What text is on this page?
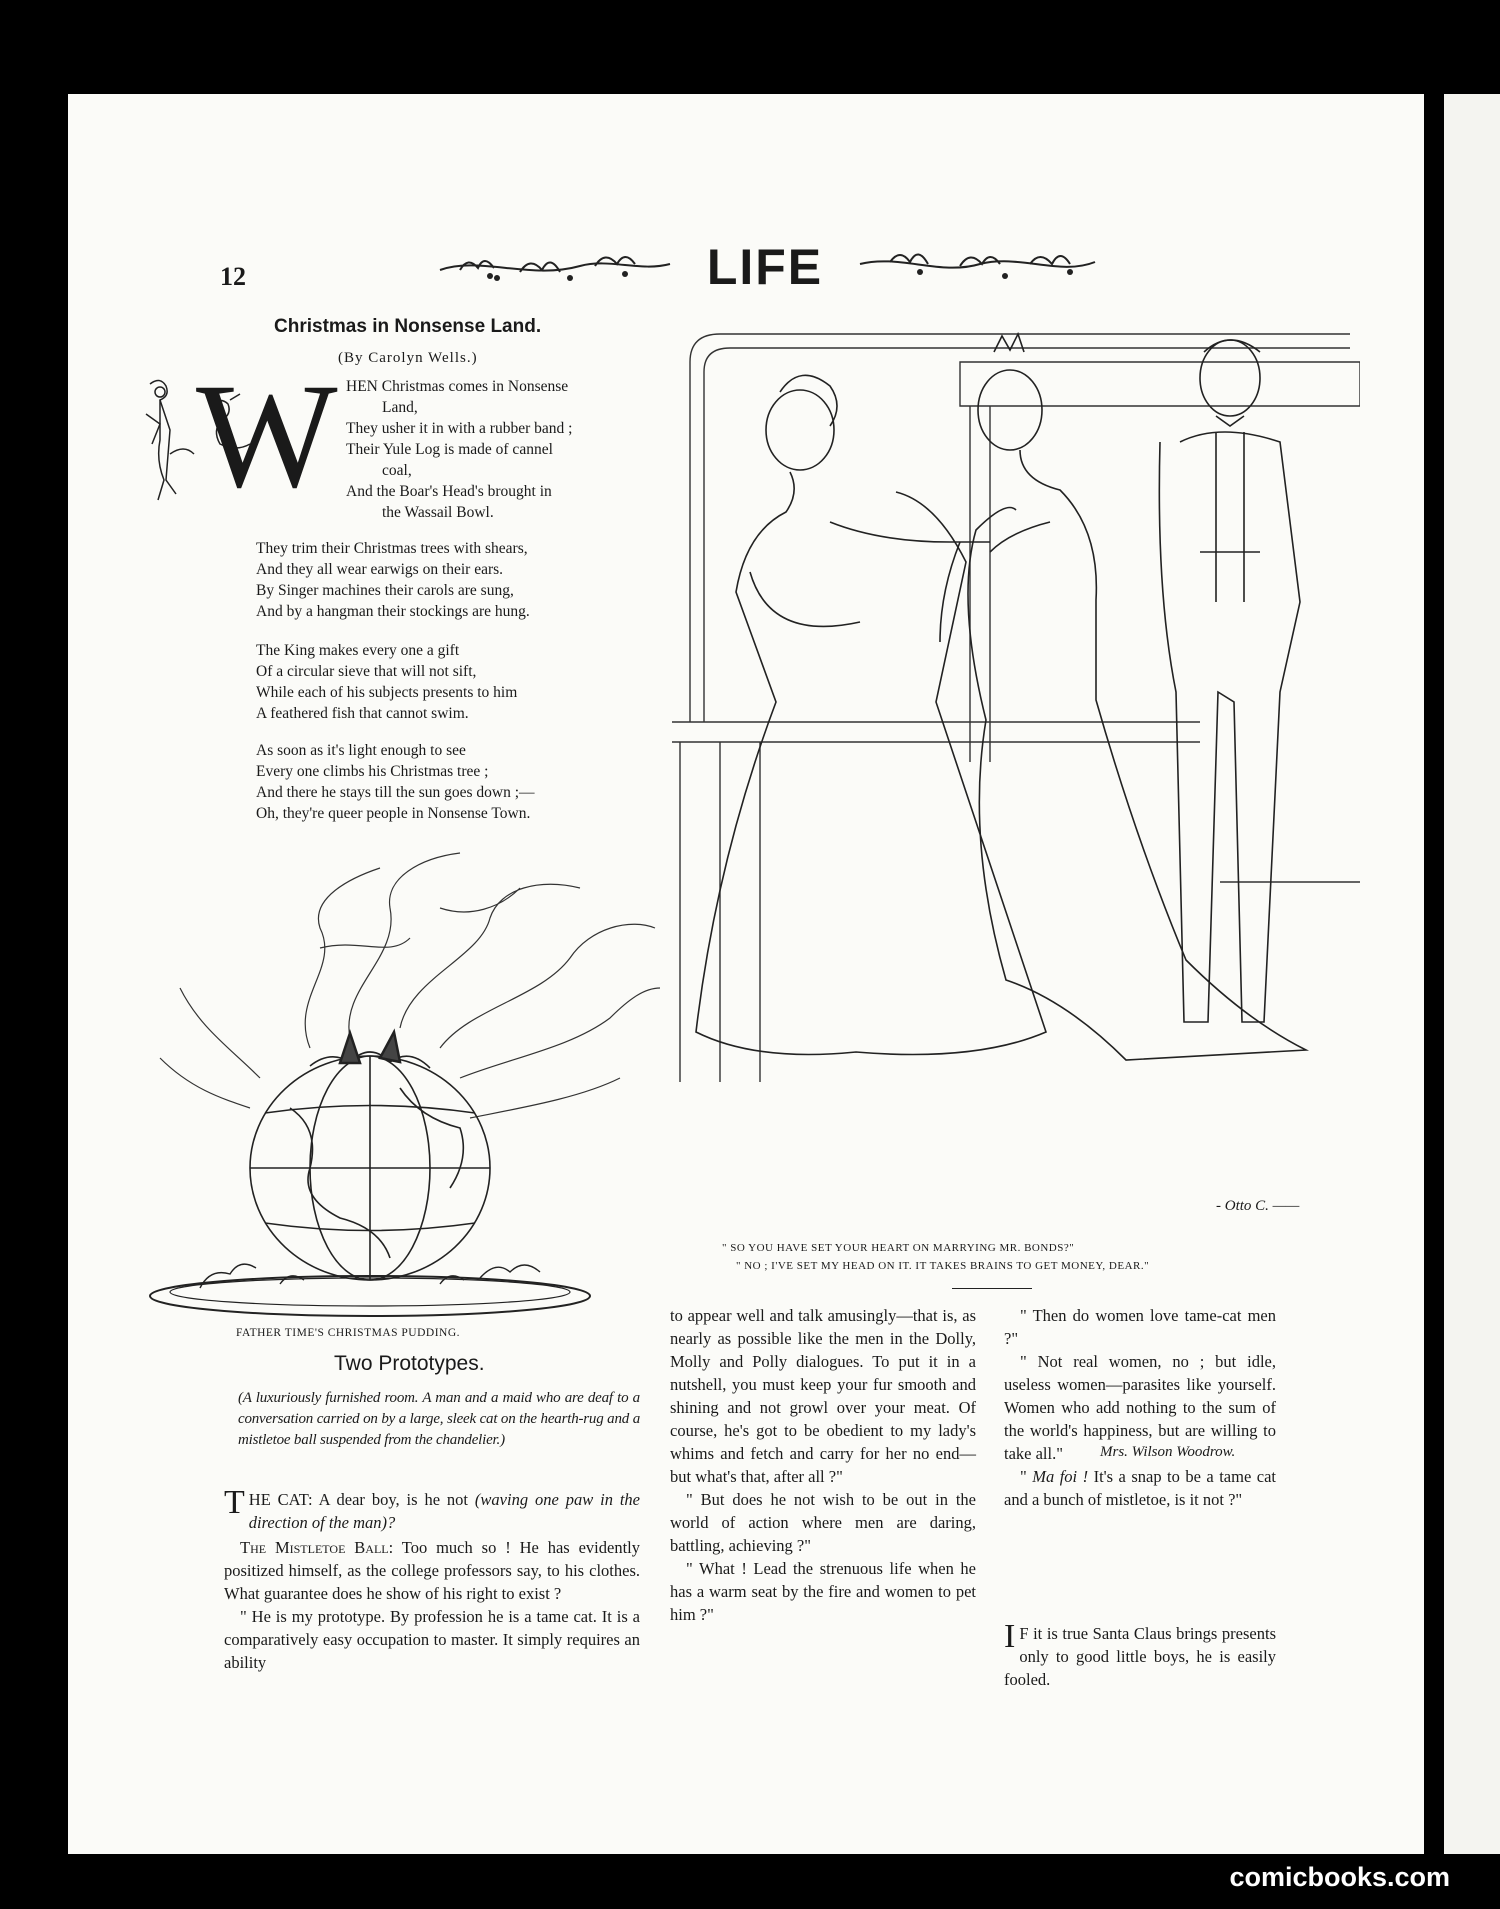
12	LIFE
Christmas in Nonsense Land.
(By Carolyn Wells.)
W HEN Christmas comes in Nonsense

Land,

They usher it in with a rubber band ;

Their Yule Log is made of cannel

coal,

And the Boar's Head's brought in

the Wassail Bowl.

They trim their Christmas trees with shears,

And they all wear earwigs on their ears.

By Singer machines their carols are sung,

And by a hangman their stockings are hung.

The King makes every one a gift

Of a circular sieve that will not sift,

While each of his subjects presents to him

A feathered fish that cannot swim.

As soon as it's light enough to see

Every one climbs his Christmas tree ;

And there he stays till the sun goes down ;—

Oh, they're queer people in Nonsense Town.

FATHER TIME'S CHRISTMAS PUDDING.
- Otto C. ——
" SO YOU HAVE SET YOUR HEART ON MARRYING MR. BONDS?"
" NO ; I'VE SET MY HEAD ON IT. IT TAKES BRAINS TO GET MONEY, DEAR."
Two Prototypes.

(A luxuriously furnished room. A man and a maid who are deaf to a conversation carried on by a large, sleek cat on the hearth-rug and a mistletoe ball suspended from the chandelier.)

THE CAT: A dear boy, is he not (waving one paw in the direction of the man)?

The Mistletoe Ball: Too much so ! He has evidently positized himself, as the college professors say, to his clothes. What guarantee does he show of his right to exist ?

" He is my prototype. By profession he is a tame cat. It is a comparatively easy occupation to master. It simply requires an ability

to appear well and talk amusingly—that is, as nearly as possible like the men in the Dolly, Molly and Polly dialogues. To put it in a nutshell, you must keep your fur smooth and shining and not growl over your meat. Of course, he's got to be obedient to my lady's whims and fetch and carry for her no end—but what's that, after all ?"

" But does he not wish to be out in the world of action where men are daring, battling, achieving ?"

" What ! Lead the strenuous life when he has a warm seat by the fire and women to pet him ?"

" Then do women love tame-cat men ?"

" Not real women, no ; but idle, useless women—parasites like yourself. Women who add nothing to the sum of the world's happiness, but are willing to take all."

" Ma foi ! It's a snap to be a tame cat and a bunch of mistletoe, is it not ?"

Mrs. Wilson Woodrow.

I F it is true Santa Claus brings presents only to good little boys, he is easily fooled.

comicbooks.com
